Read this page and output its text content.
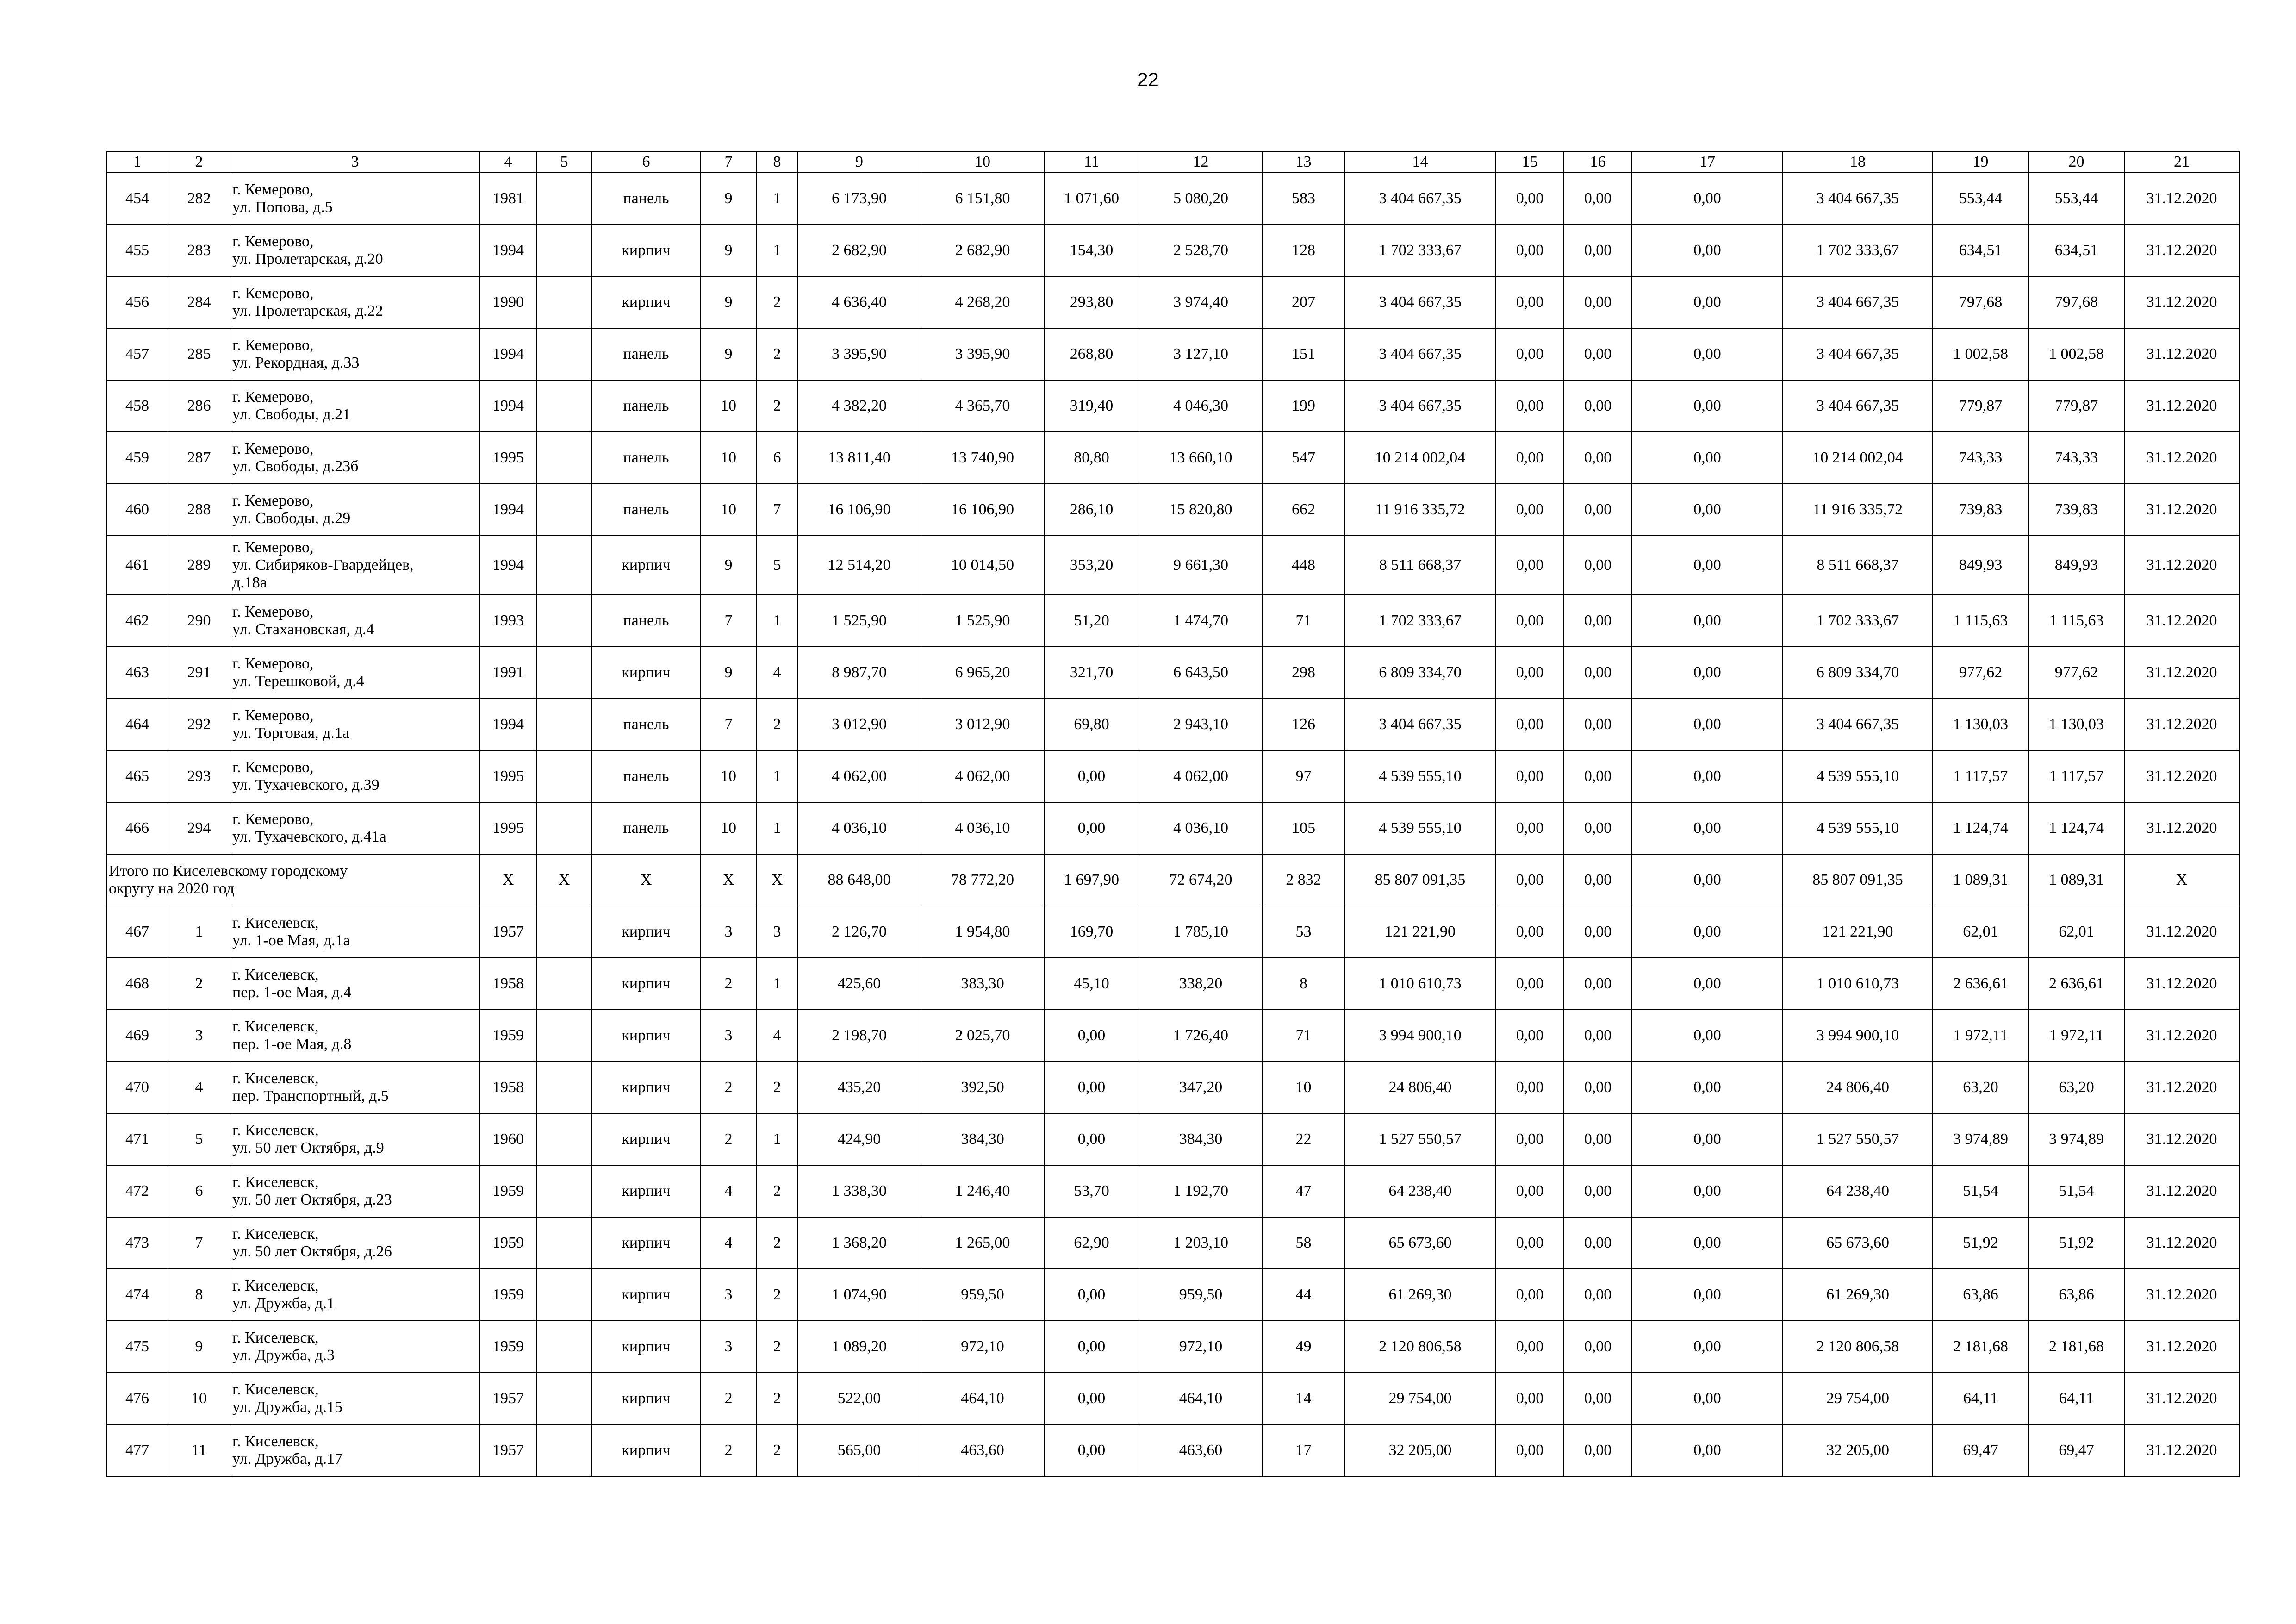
22
1	2	3	4	5	6	7	8	9	10	11	12	13	14	15	16	17	18	19	20	21
454	282	г. Кемерово,
ул. Попова, д.5	1981		панель	9	1	6 173,90	6 151,80	1 071,60	5 080,20	583	3 404 667,35	0,00	0,00	0,00	3 404 667,35	553,44	553,44	31.12.2020
455	283	г. Кемерово,
ул. Пролетарская, д.20	1994		кирпич	9	1	2 682,90	2 682,90	154,30	2 528,70	128	1 702 333,67	0,00	0,00	0,00	1 702 333,67	634,51	634,51	31.12.2020
456	284	г. Кемерово,
ул. Пролетарская, д.22	1990		кирпич	9	2	4 636,40	4 268,20	293,80	3 974,40	207	3 404 667,35	0,00	0,00	0,00	3 404 667,35	797,68	797,68	31.12.2020
457	285	г. Кемерово,
ул. Рекордная, д.33	1994		панель	9	2	3 395,90	3 395,90	268,80	3 127,10	151	3 404 667,35	0,00	0,00	0,00	3 404 667,35	1 002,58	1 002,58	31.12.2020
458	286	г. Кемерово,
ул. Свободы, д.21	1994		панель	10	2	4 382,20	4 365,70	319,40	4 046,30	199	3 404 667,35	0,00	0,00	0,00	3 404 667,35	779,87	779,87	31.12.2020
459	287	г. Кемерово,
ул. Свободы, д.23б	1995		панель	10	6	13 811,40	13 740,90	80,80	13 660,10	547	10 214 002,04	0,00	0,00	0,00	10 214 002,04	743,33	743,33	31.12.2020
460	288	г. Кемерово,
ул. Свободы, д.29	1994		панель	10	7	16 106,90	16 106,90	286,10	15 820,80	662	11 916 335,72	0,00	0,00	0,00	11 916 335,72	739,83	739,83	31.12.2020
461	289	г. Кемерово,
ул. Сибиряков-Гвардейцев,
д.18а	1994		кирпич	9	5	12 514,20	10 014,50	353,20	9 661,30	448	8 511 668,37	0,00	0,00	0,00	8 511 668,37	849,93	849,93	31.12.2020
462	290	г. Кемерово,
ул. Стахановская, д.4	1993		панель	7	1	1 525,90	1 525,90	51,20	1 474,70	71	1 702 333,67	0,00	0,00	0,00	1 702 333,67	1 115,63	1 115,63	31.12.2020
463	291	г. Кемерово,
ул. Терешковой, д.4	1991		кирпич	9	4	8 987,70	6 965,20	321,70	6 643,50	298	6 809 334,70	0,00	0,00	0,00	6 809 334,70	977,62	977,62	31.12.2020
464	292	г. Кемерово,
ул. Торговая, д.1а	1994		панель	7	2	3 012,90	3 012,90	69,80	2 943,10	126	3 404 667,35	0,00	0,00	0,00	3 404 667,35	1 130,03	1 130,03	31.12.2020
465	293	г. Кемерово,
ул. Тухачевского, д.39	1995		панель	10	1	4 062,00	4 062,00	0,00	4 062,00	97	4 539 555,10	0,00	0,00	0,00	4 539 555,10	1 117,57	1 117,57	31.12.2020
466	294	г. Кемерово,
ул. Тухачевского, д.41а	1995		панель	10	1	4 036,10	4 036,10	0,00	4 036,10	105	4 539 555,10	0,00	0,00	0,00	4 539 555,10	1 124,74	1 124,74	31.12.2020
Итого по Киселевскому городскому
округу на 2020 год			X	X	X	X	X	88 648,00	78 772,20	1 697,90	72 674,20	2 832	85 807 091,35	0,00	0,00	0,00	85 807 091,35	1 089,31	1 089,31	X
467	1	г. Киселевск,
ул. 1-ое Мая, д.1а	1957		кирпич	3	3	2 126,70	1 954,80	169,70	1 785,10	53	121 221,90	0,00	0,00	0,00	121 221,90	62,01	62,01	31.12.2020
468	2	г. Киселевск,
пер. 1-ое Мая, д.4	1958		кирпич	2	1	425,60	383,30	45,10	338,20	8	1 010 610,73	0,00	0,00	0,00	1 010 610,73	2 636,61	2 636,61	31.12.2020
469	3	г. Киселевск,
пер. 1-ое Мая, д.8	1959		кирпич	3	4	2 198,70	2 025,70	0,00	1 726,40	71	3 994 900,10	0,00	0,00	0,00	3 994 900,10	1 972,11	1 972,11	31.12.2020
470	4	г. Киселевск,
пер. Транспортный, д.5	1958		кирпич	2	2	435,20	392,50	0,00	347,20	10	24 806,40	0,00	0,00	0,00	24 806,40	63,20	63,20	31.12.2020
471	5	г. Киселевск,
ул. 50 лет Октября, д.9	1960		кирпич	2	1	424,90	384,30	0,00	384,30	22	1 527 550,57	0,00	0,00	0,00	1 527 550,57	3 974,89	3 974,89	31.12.2020
472	6	г. Киселевск,
ул. 50 лет Октября, д.23	1959		кирпич	4	2	1 338,30	1 246,40	53,70	1 192,70	47	64 238,40	0,00	0,00	0,00	64 238,40	51,54	51,54	31.12.2020
473	7	г. Киселевск,
ул. 50 лет Октября, д.26	1959		кирпич	4	2	1 368,20	1 265,00	62,90	1 203,10	58	65 673,60	0,00	0,00	0,00	65 673,60	51,92	51,92	31.12.2020
474	8	г. Киселевск,
ул. Дружба, д.1	1959		кирпич	3	2	1 074,90	959,50	0,00	959,50	44	61 269,30	0,00	0,00	0,00	61 269,30	63,86	63,86	31.12.2020
475	9	г. Киселевск,
ул. Дружба, д.3	1959		кирпич	3	2	1 089,20	972,10	0,00	972,10	49	2 120 806,58	0,00	0,00	0,00	2 120 806,58	2 181,68	2 181,68	31.12.2020
476	10	г. Киселевск,
ул. Дружба, д.15	1957		кирпич	2	2	522,00	464,10	0,00	464,10	14	29 754,00	0,00	0,00	0,00	29 754,00	64,11	64,11	31.12.2020
477	11	г. Киселевск,
ул. Дружба, д.17	1957		кирпич	2	2	565,00	463,60	0,00	463,60	17	32 205,00	0,00	0,00	0,00	32 205,00	69,47	69,47	31.12.2020
